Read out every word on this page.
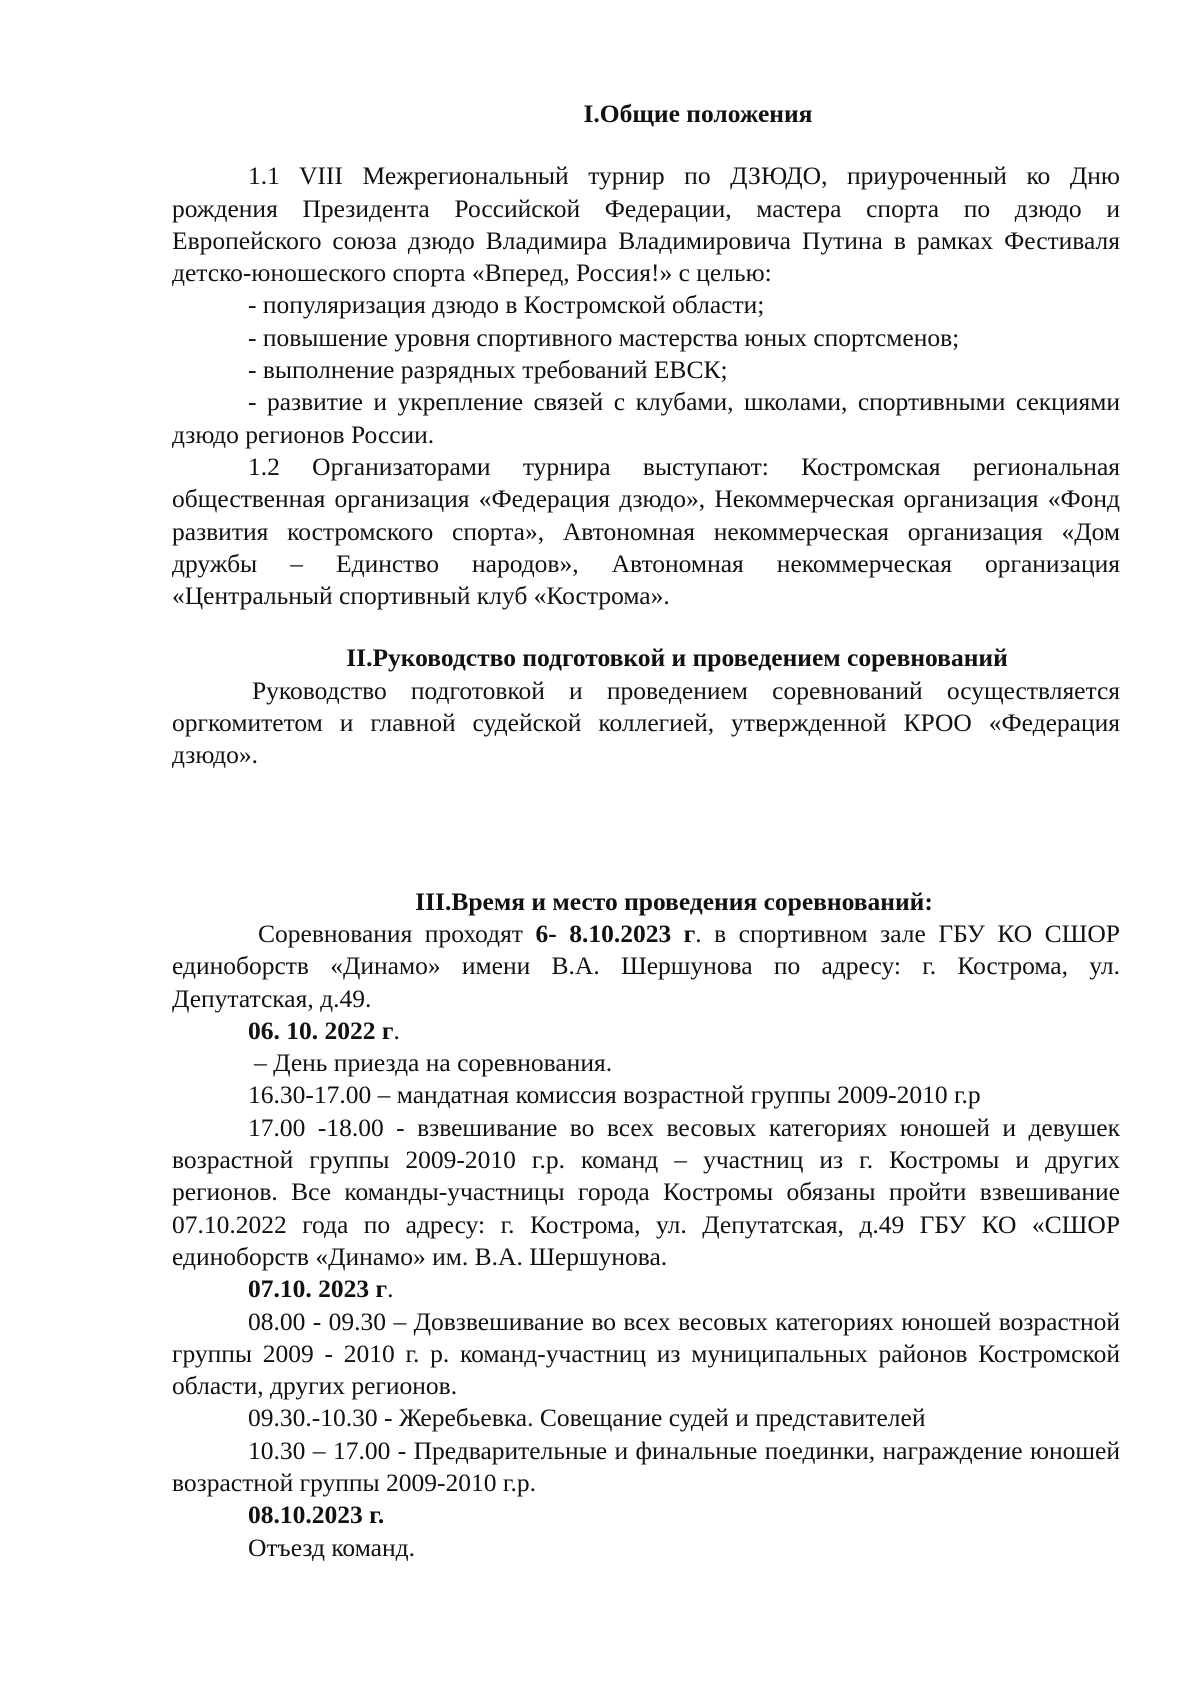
I.Общие положения

1.1 VIII Межрегиональный турнир по ДЗЮДО, приуроченный ко Дню рождения Президента Российской Федерации, мастера спорта по дзюдо и Европейского союза дзюдо Владимира Владимировича Путина в рамках Фестиваля детско-юношеского спорта «Вперед, Россия!» с целью:

- популяризация дзюдо в Костромской области;

- повышение уровня спортивного мастерства юных спортсменов;

- выполнение разрядных требований ЕВСК;

- развитие и укрепление связей с клубами, школами, спортивными секциями дзюдо регионов России.

1.2 Организаторами турнира выступают: Костромская региональная общественная организация «Федерация дзюдо», Некоммерческая организация «Фонд развития костромского спорта», Автономная некоммерческая организация «Дом дружбы – Единство народов», Автономная некоммерческая организация «Центральный спортивный клуб «Кострома».

II.Руководство подготовкой и проведением соревнований

Руководство подготовкой и проведением соревнований осуществляется оргкомитетом и главной судейской коллегией, утвержденной КРОО «Федерация дзюдо».

III.Время и место проведения соревнований:

Соревнования проходят 6- 8.10.2023 г. в спортивном зале ГБУ КО СШОР единоборств «Динамо» имени В.А. Шершунова по адресу: г. Кострома, ул. Депутатская, д.49.

06. 10. 2022 г.

– День приезда на соревнования.

16.30-17.00 – мандатная комиссия возрастной группы 2009-2010 г.р

17.00 -18.00 - взвешивание во всех весовых категориях юношей и девушек возрастной группы 2009-2010 г.р. команд – участниц из г. Костромы и других регионов. Все команды-участницы города Костромы обязаны пройти взвешивание 07.10.2022 года по адресу: г. Кострома, ул. Депутатская, д.49 ГБУ КО «СШОР единоборств «Динамо» им. В.А. Шершунова.

07.10. 2023 г.

08.00 - 09.30 – Довзвешивание во всех весовых категориях юношей возрастной группы 2009 - 2010 г. р. команд-участниц из муниципальных районов Костромской области, других регионов.

09.30.-10.30 - Жеребьевка. Совещание судей и представителей

10.30 – 17.00 - Предварительные и финальные поединки, награждение юношей возрастной группы 2009-2010 г.р.

08.10.2023 г.

Отъезд команд.
